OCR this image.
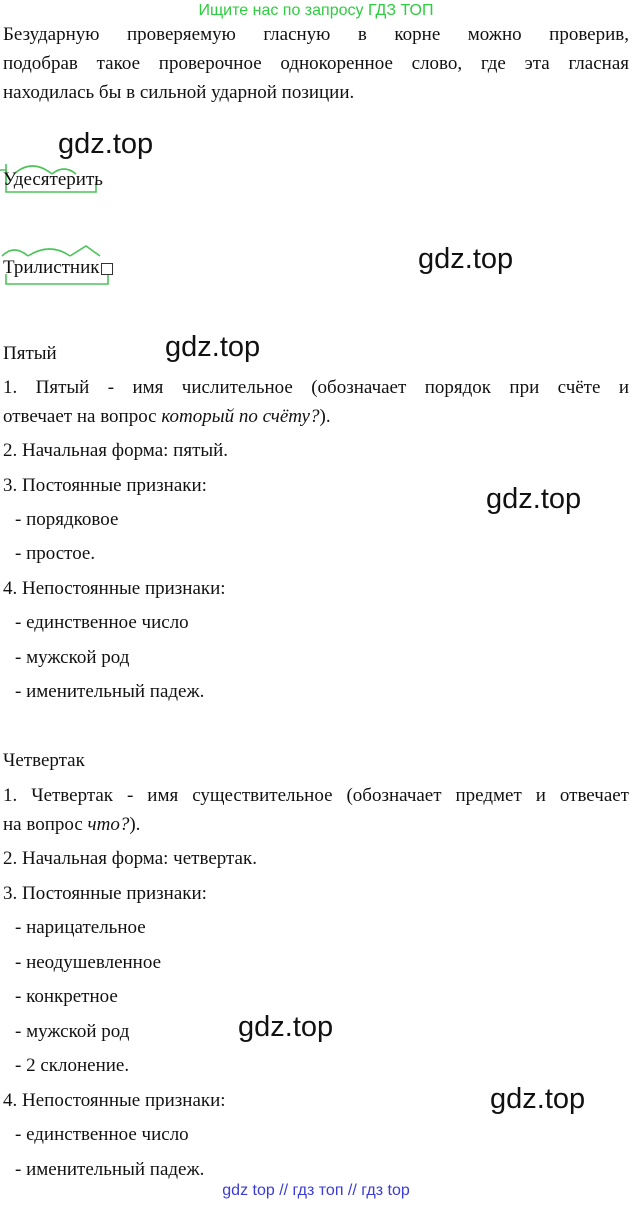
Ищите нас по запросу ГДЗ ТОП
Безударную проверяемую гласную в корне можно проверив,
подобрав такое проверочное однокоренное слово, где эта гласная
находилась бы в сильной ударной позиции.
gdz.top
Удесятерить
Трилистник	gdz.top
gdz.top
Пятый
1. Пятый - имя числительное (обозначает порядок при счёте и
отвечает на вопрос который по счёту?).
2. Начальная форма: пятый.
3. Постоянные признаки:	gdz.top
- порядковое
- простое.
4. Непостоянные признаки:
- единственное число
- мужской род
- именительный падеж.
Четвертак
1. Четвертак - имя существительное (обозначает предмет и отвечает
на вопрос что?).
2. Начальная форма: четвертак.
3. Постоянные признаки:
- нарицательное
- неодушевленное
- конкретное
- мужской род	gdz.top
- 2 склонение.
4. Непостоянные признаки:	gdz.top
- единственное число
- именительный падеж.
gdz top // гдз топ // гдз top
